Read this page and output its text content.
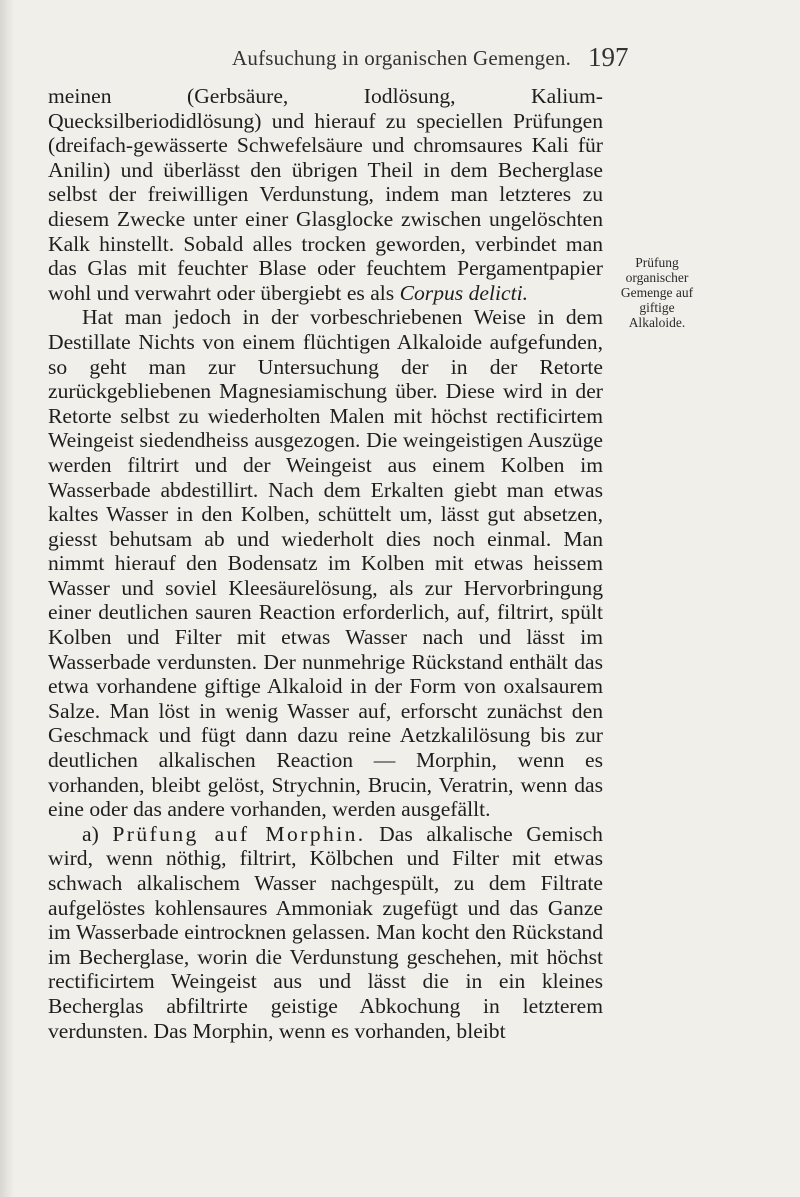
Aufsuchung in organischen Gemengen. 197

meinen (Gerbsäure, Iodlösung, Kalium-Quecksilberiodidlösung) und hierauf zu speciellen Prüfungen (dreifach-gewässerte Schwefelsäure und chromsaures Kali für Anilin) und überlässt den übrigen Theil in dem Becherglase selbst der freiwilligen Verdunstung, indem man letzteres zu diesem Zwecke unter einer Glasglocke zwischen ungelöschten Kalk hinstellt. Sobald alles trocken geworden, verbindet man das Glas mit feuchter Blase oder feuchtem Pergamentpapier wohl und verwahrt oder übergiebt es als Corpus delicti.

Hat man jedoch in der vorbeschriebenen Weise in dem Destillate Nichts von einem flüchtigen Alkaloide aufgefunden, so geht man zur Untersuchung der in der Retorte zurückgebliebenen Magnesiamischung über. Diese wird in der Retorte selbst zu wiederholten Malen mit höchst rectificirtem Weingeist siedendheiss ausgezogen. Die weingeistigen Auszüge werden filtrirt und der Weingeist aus einem Kolben im Wasserbade abdestillirt. Nach dem Erkalten giebt man etwas kaltes Wasser in den Kolben, schüttelt um, lässt gut absetzen, giesst behutsam ab und wiederholt dies noch einmal. Man nimmt hierauf den Bodensatz im Kolben mit etwas heissem Wasser und soviel Kleesäurelösung, als zur Hervorbringung einer deutlichen sauren Reaction erforderlich, auf, filtrirt, spült Kolben und Filter mit etwas Wasser nach und lässt im Wasserbade verdunsten. Der nunmehrige Rückstand enthält das etwa vorhandene giftige Alkaloid in der Form von oxalsaurem Salze. Man löst in wenig Wasser auf, erforscht zunächst den Geschmack und fügt dann dazu reine Aetzkalilösung bis zur deutlichen alkalischen Reaction — Morphin, wenn es vorhanden, bleibt gelöst, Strychnin, Brucin, Veratrin, wenn das eine oder das andere vorhanden, werden ausgefällt.

a) Prüfung auf Morphin. Das alkalische Gemisch wird, wenn nöthig, filtrirt, Kölbchen und Filter mit etwas schwach alkalischem Wasser nachgespült, zu dem Filtrate aufgelöstes kohlensaures Ammoniak zugefügt und das Ganze im Wasserbade eintrocknen gelassen. Man kocht den Rückstand im Becherglase, worin die Verdunstung geschehen, mit höchst rectificirtem Weingeist aus und lässt die in ein kleines Becherglas abfiltrirte geistige Abkochung in letzterem verdunsten. Das Morphin, wenn es vorhanden, bleibt

Prüfung organischer Gemenge auf giftige Alkaloide.
